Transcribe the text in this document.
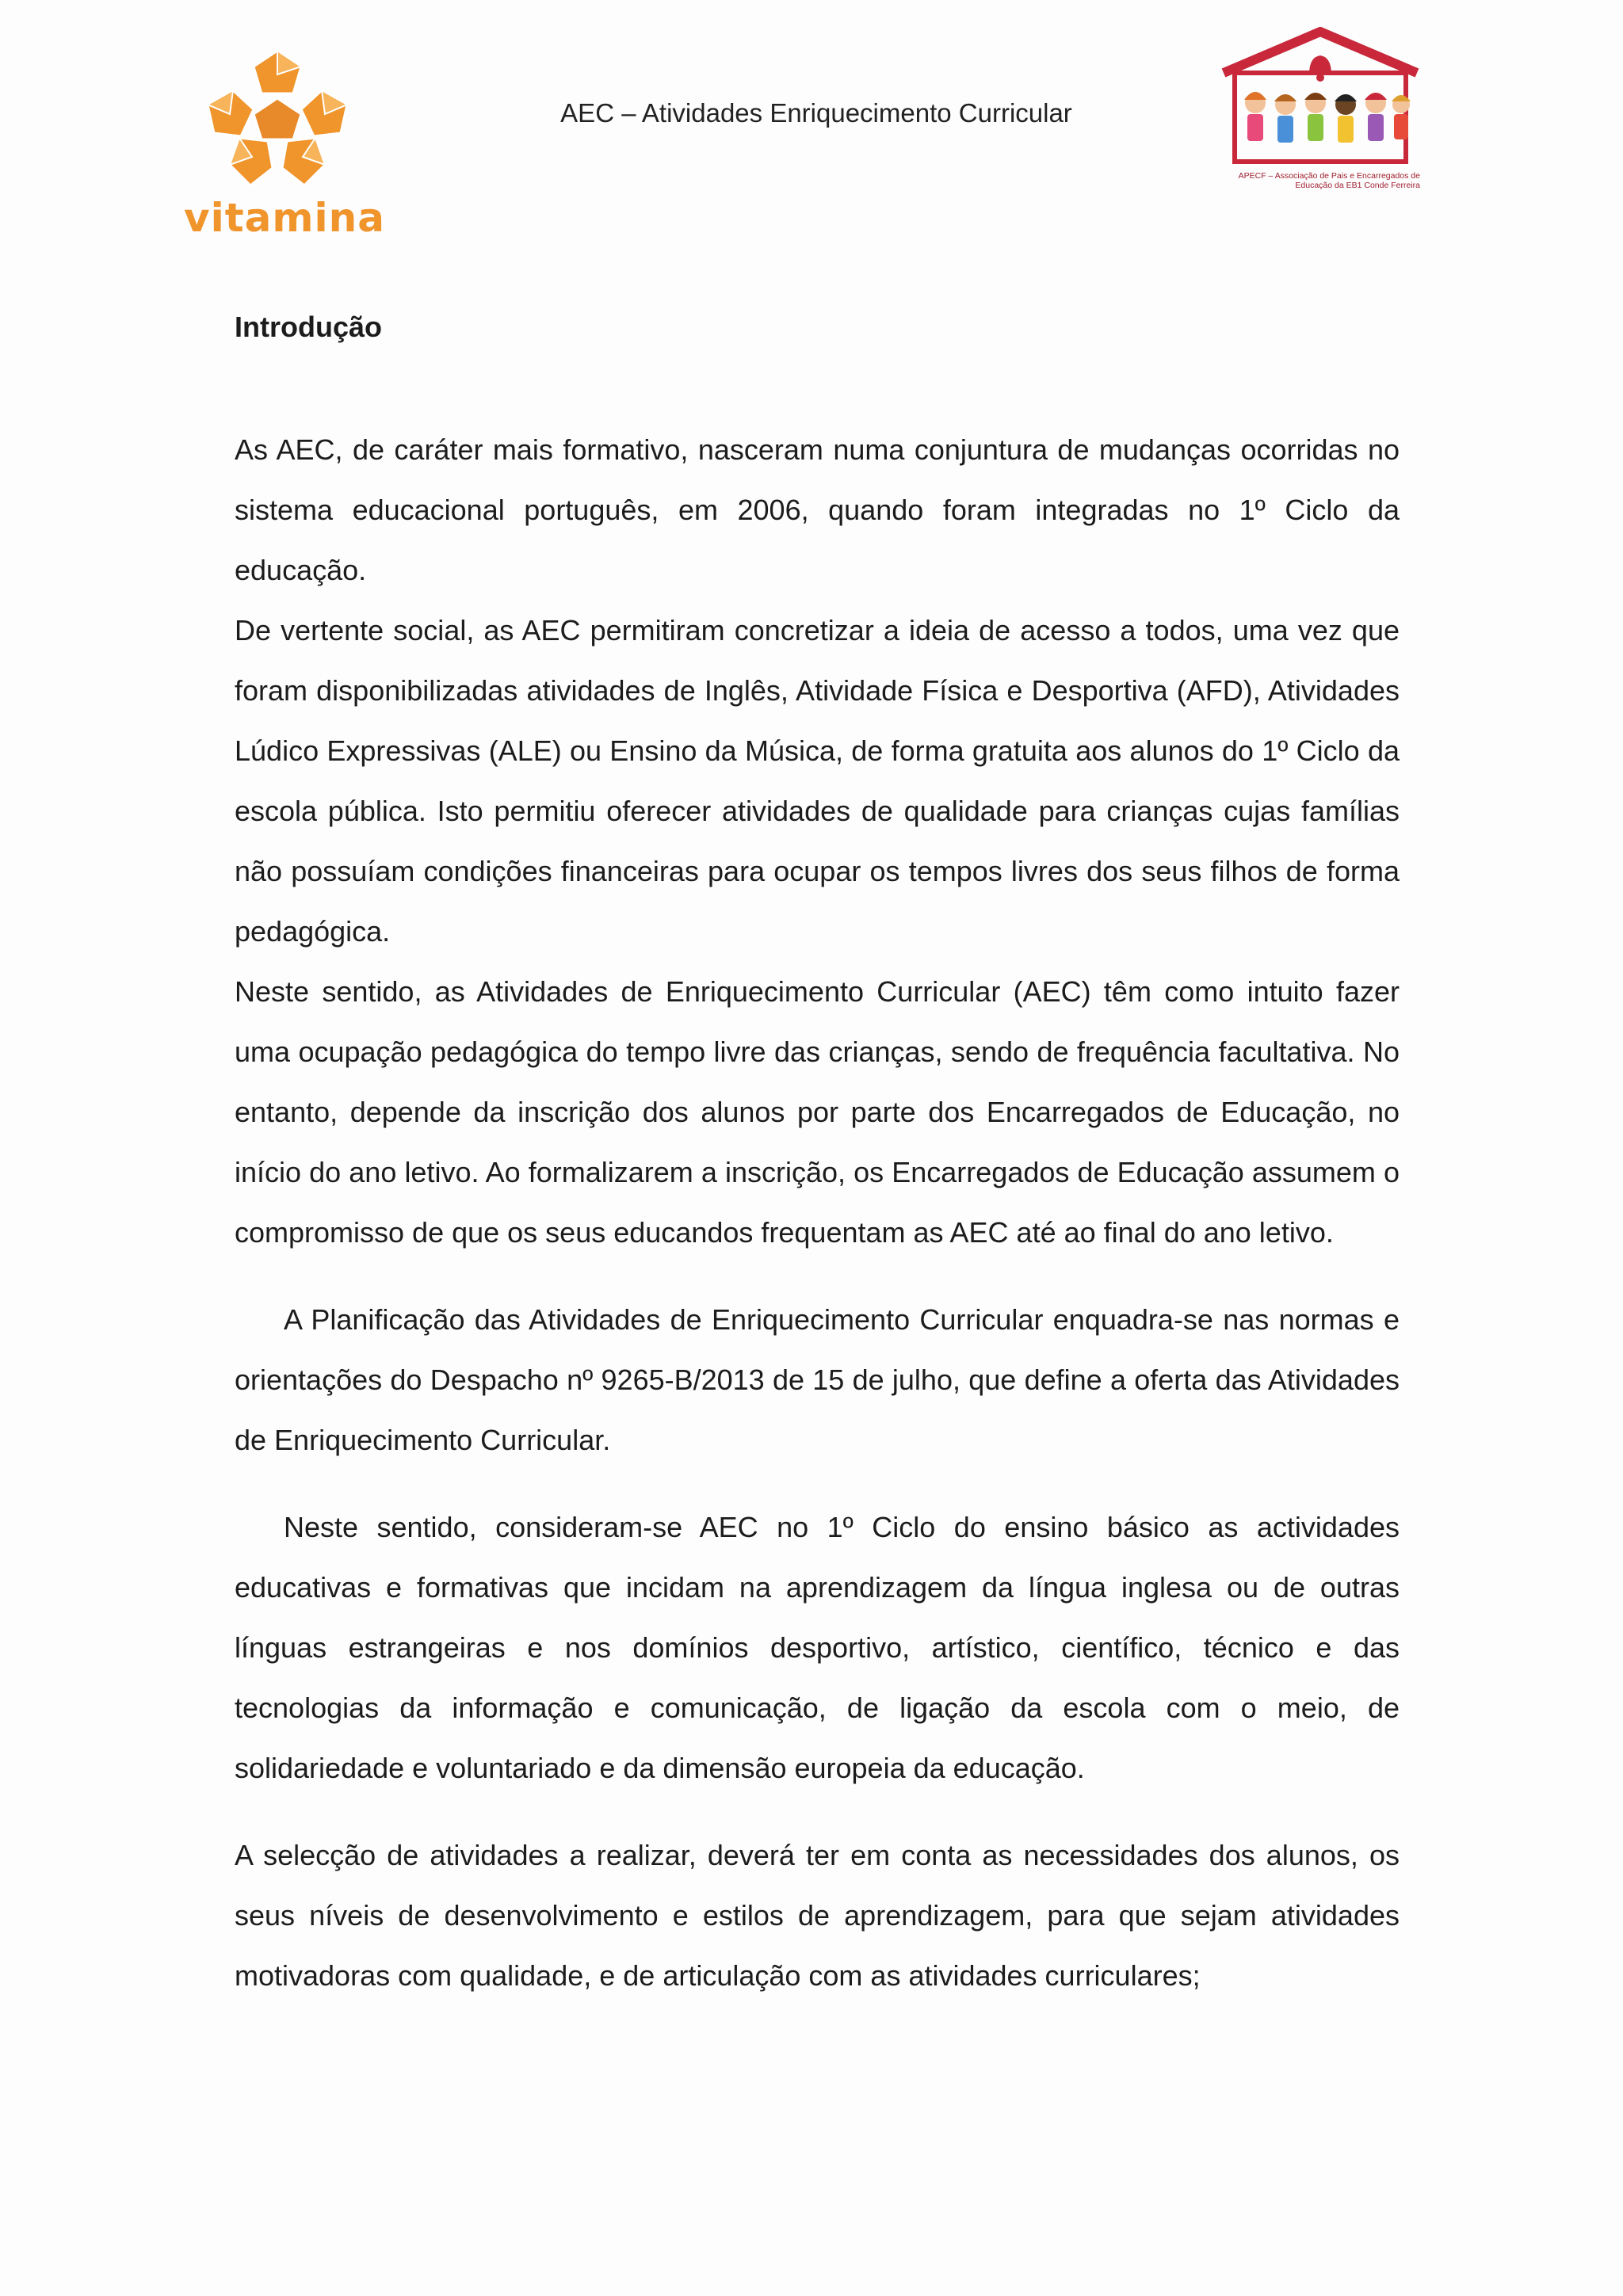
vitamina
AEC – Atividades Enriquecimento Curricular
APECF – Associação de Pais e Encarregados de Educação da EB1 Conde Ferreira
Introdução

As AEC, de caráter mais formativo, nasceram numa conjuntura de mudanças ocorridas no sistema educacional português, em 2006, quando foram integradas no 1º Ciclo da educação.

De vertente social, as AEC permitiram concretizar a ideia de acesso a todos, uma vez que foram disponibilizadas atividades de Inglês, Atividade Física e Desportiva (AFD), Atividades Lúdico Expressivas (ALE) ou Ensino da Música, de forma gratuita aos alunos do 1º Ciclo da escola pública. Isto permitiu oferecer atividades de qualidade para crianças cujas famílias não possuíam condições financeiras para ocupar os tempos livres dos seus filhos de forma pedagógica.

Neste sentido, as Atividades de Enriquecimento Curricular (AEC) têm como intuito fazer uma ocupação pedagógica do tempo livre das crianças, sendo de frequência facultativa. No entanto, depende da inscrição dos alunos por parte dos Encarregados de Educação, no início do ano letivo. Ao formalizarem a inscrição, os Encarregados de Educação assumem o compromisso de que os seus educandos frequentam as AEC até ao final do ano letivo.

A Planificação das Atividades de Enriquecimento Curricular enquadra-se nas normas e orientações do Despacho nº 9265-B/2013 de 15 de julho, que define a oferta das Atividades de Enriquecimento Curricular.

Neste sentido, consideram-se AEC no 1º Ciclo do ensino básico as actividades educativas e formativas que incidam na aprendizagem da língua inglesa ou de outras línguas estrangeiras e nos domínios desportivo, artístico, científico, técnico e das tecnologias da informação e comunicação, de ligação da escola com o meio, de solidariedade e voluntariado e da dimensão europeia da educação.

A selecção de atividades a realizar, deverá ter em conta as necessidades dos alunos, os seus níveis de desenvolvimento e estilos de aprendizagem, para que sejam atividades motivadoras com qualidade, e de articulação com as atividades curriculares;
